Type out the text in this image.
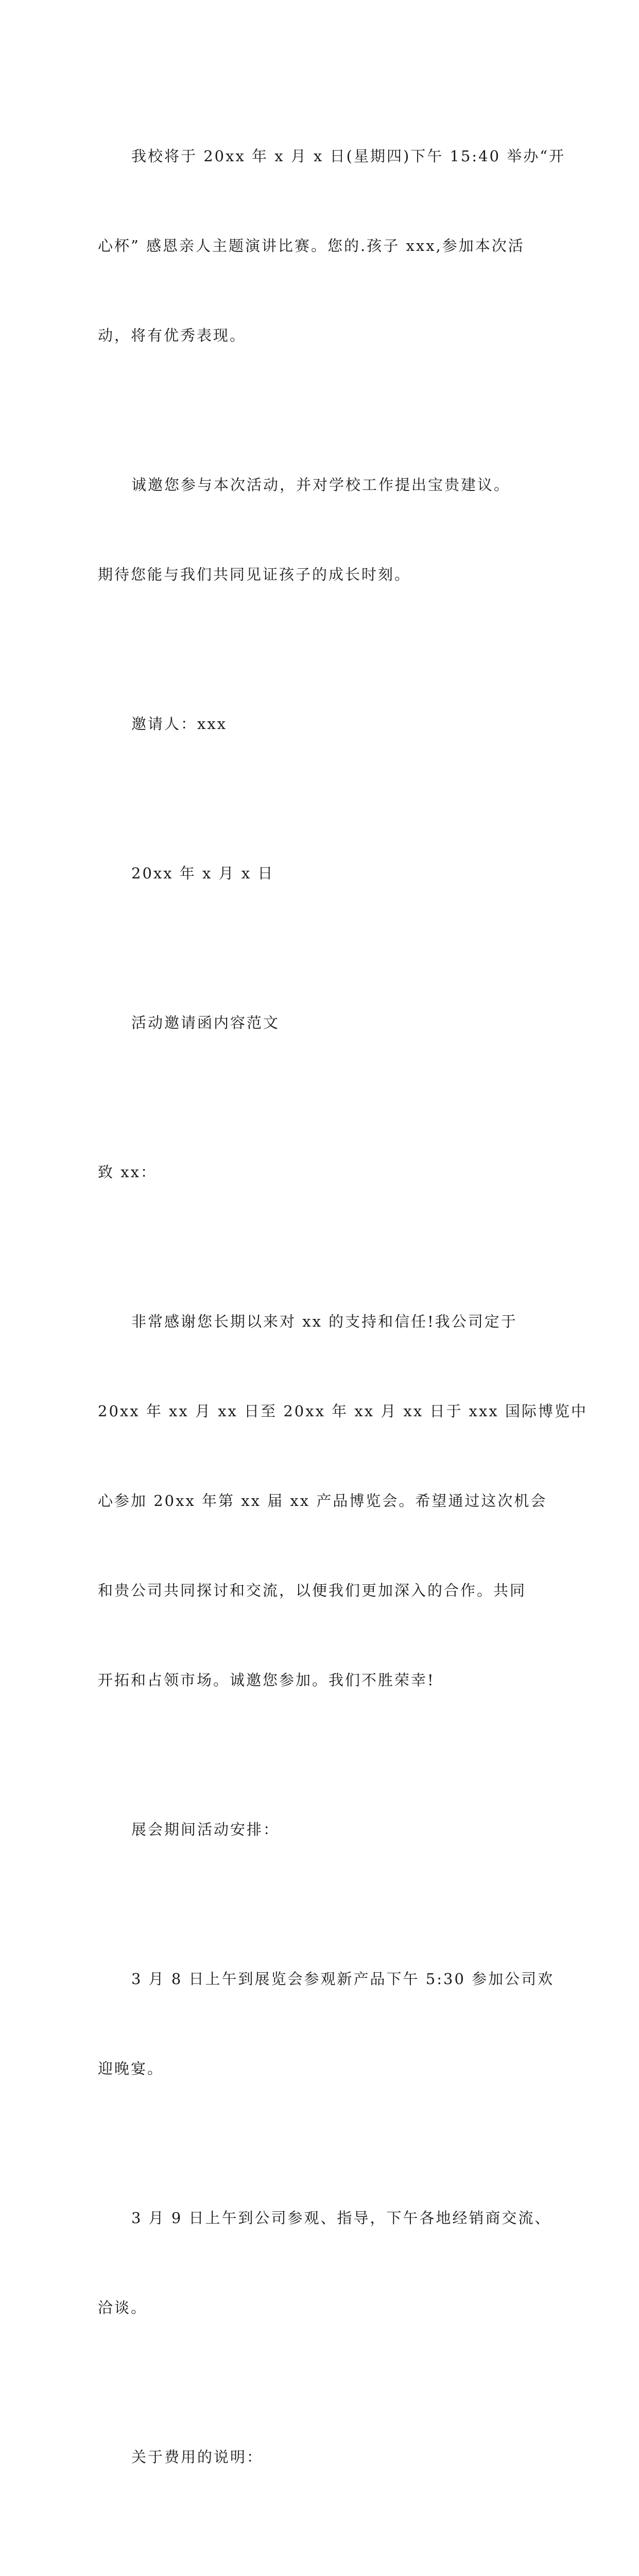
我校将于 20xx 年 x 月 x 日(星期四)下午 15:40 举办“开

心杯” 感恩亲人主题演讲比赛。您的.孩子 xxx,参加本次活

动，将有优秀表现。

诚邀您参与本次活动，并对学校工作提出宝贵建议。

期待您能与我们共同见证孩子的成长时刻。

邀请人：xxx

20xx 年 x 月 x 日

活动邀请函内容范文

致 xx：

非常感谢您长期以来对 xx 的支持和信任!我公司定于

20xx 年 xx 月 xx 日至 20xx 年 xx 月 xx 日于 xxx 国际博览中

心参加 20xx 年第 xx 届 xx 产品博览会。希望通过这次机会

和贵公司共同探讨和交流，以便我们更加深入的合作。共同

开拓和占领市场。诚邀您参加。我们不胜荣幸!

展会期间活动安排：

3 月 8 日上午到展览会参观新产品下午 5:30 参加公司欢

迎晚宴。

3 月 9 日上午到公司参观、指导，下午各地经销商交流、

洽谈。

关于费用的说明：
